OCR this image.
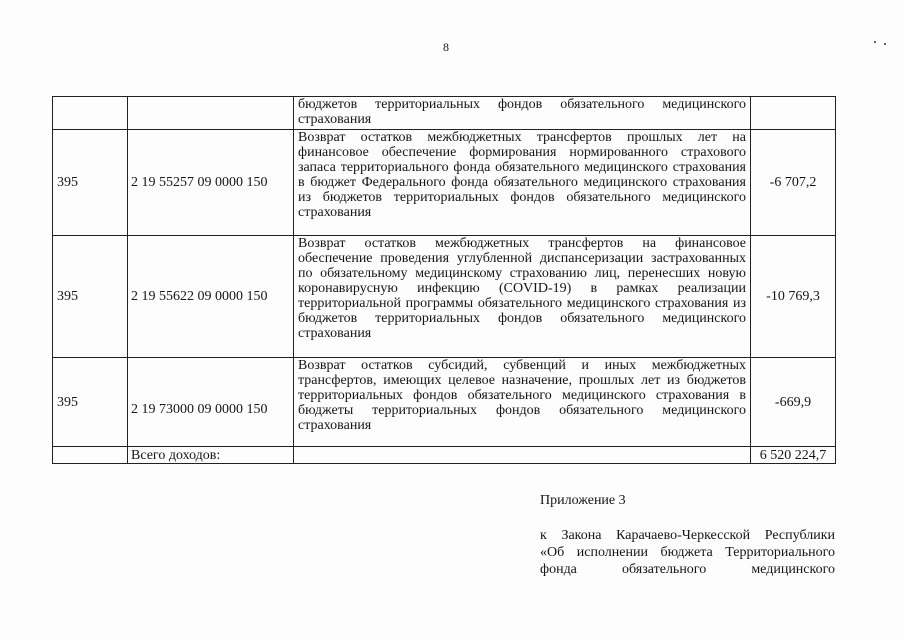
8
		бюджетов территориальных фондов обязательного медицинского страхования	
395	2 19 55257 09 0000 150	Возврат остатков межбюджетных трансфертов прошлых лет на финансовое обеспечение формирования нормированного страхового запаса территориального фонда обязательного медицинского страхования в бюджет Федерального фонда обязательного медицинского страхования из бюджетов территориальных фондов обязательного медицинского страхования	-6 707,2
395	2 19 55622 09 0000 150	Возврат остатков межбюджетных трансфертов на финансовое обеспечение проведения углубленной диспансеризации застрахованных по обязательному медицинскому страхованию лиц, перенесших новую коронавирусную инфекцию (COVID-19) в рамках реализации территориальной программы обязательного медицинского страхования из бюджетов территориальных фондов обязательного медицинского страхования	-10 769,3
395	2 19 73000 09 0000 150	Возврат остатков субсидий, субвенций и иных межбюджетных трансфертов, имеющих целевое назначение, прошлых лет из бюджетов территориальных фондов обязательного медицинского страхования в бюджеты территориальных фондов обязательного медицинского страхования	-669,9
	Всего доходов:		6 520 224,7
Приложение 3
к Закона Карачаево-Черкесской Республики
«Об исполнении бюджета Территориального
фонда обязательного медицинского
